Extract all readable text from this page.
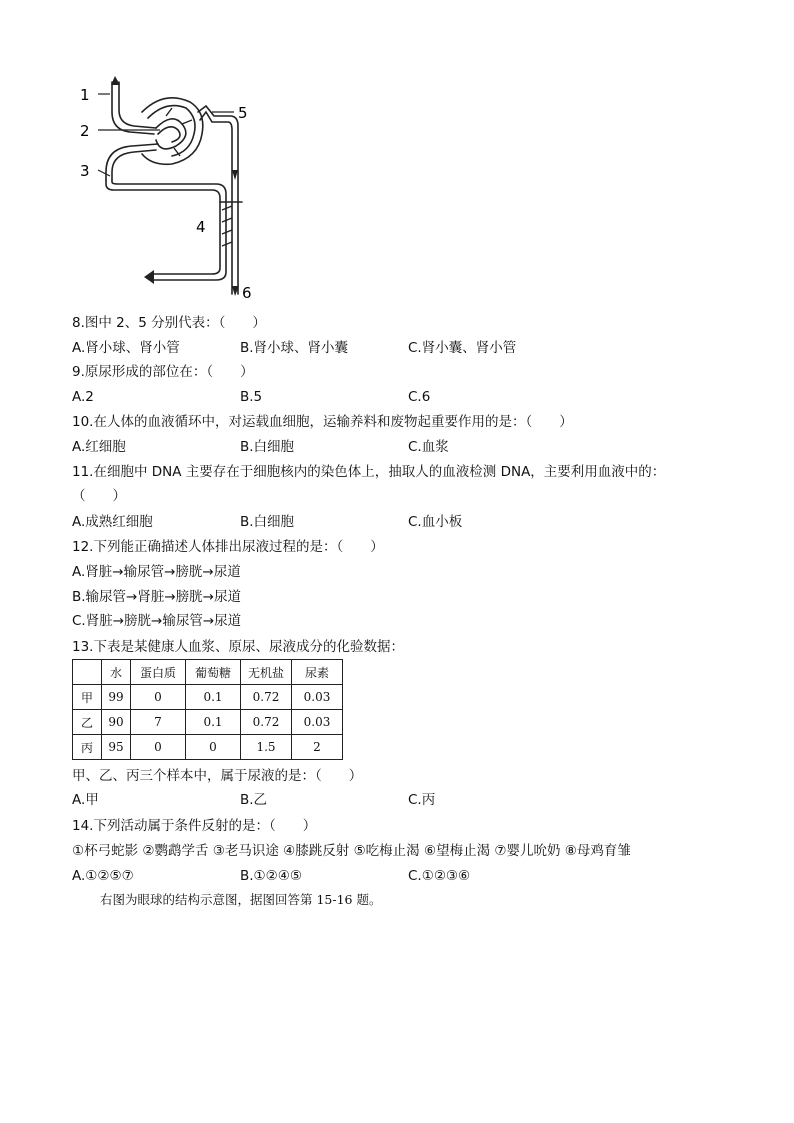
1
2
3
4
5
6
8.图中 2、5 分别代表：（　　）
A.肾小球、肾小管	B.肾小球、肾小囊	C.肾小囊、肾小管
9.原尿形成的部位在：（　　）
A.2	B.5	C.6
10.在人体的血液循环中，对运载血细胞，运输养料和废物起重要作用的是：（　　）
A.红细胞	B.白细胞	C.血浆
11.在细胞中 DNA 主要存在于细胞核内的染色体上，抽取人的血液检测 DNA，主要利用血液中的：
（　　）
A.成熟红细胞	B.白细胞	C.血小板
12.下列能正确描述人体排出尿液过程的是：（　　）
A.肾脏→输尿管→膀胱→尿道
B.输尿管→肾脏→膀胱→尿道
C.肾脏→膀胱→输尿管→尿道
13.下表是某健康人血浆、原尿、尿液成分的化验数据：
	水	蛋白质	葡萄糖	无机盐	尿素
甲	99	0	0.1	0.72	0.03
乙	90	7	0.1	0.72	0.03
丙	95	0	0	1.5	2
甲、乙、丙三个样本中，属于尿液的是：（　　）
A.甲	B.乙	C.丙
14.下列活动属于条件反射的是：（　　）
①杯弓蛇影 ②鹦鹉学舌 ③老马识途 ④膝跳反射 ⑤吃梅止渴 ⑥望梅止渴 ⑦婴儿吮奶 ⑧母鸡育雏
A.①②⑤⑦	B.①②④⑤	C.①②③⑥
右图为眼球的结构示意图，据图回答第 15-16 题。
